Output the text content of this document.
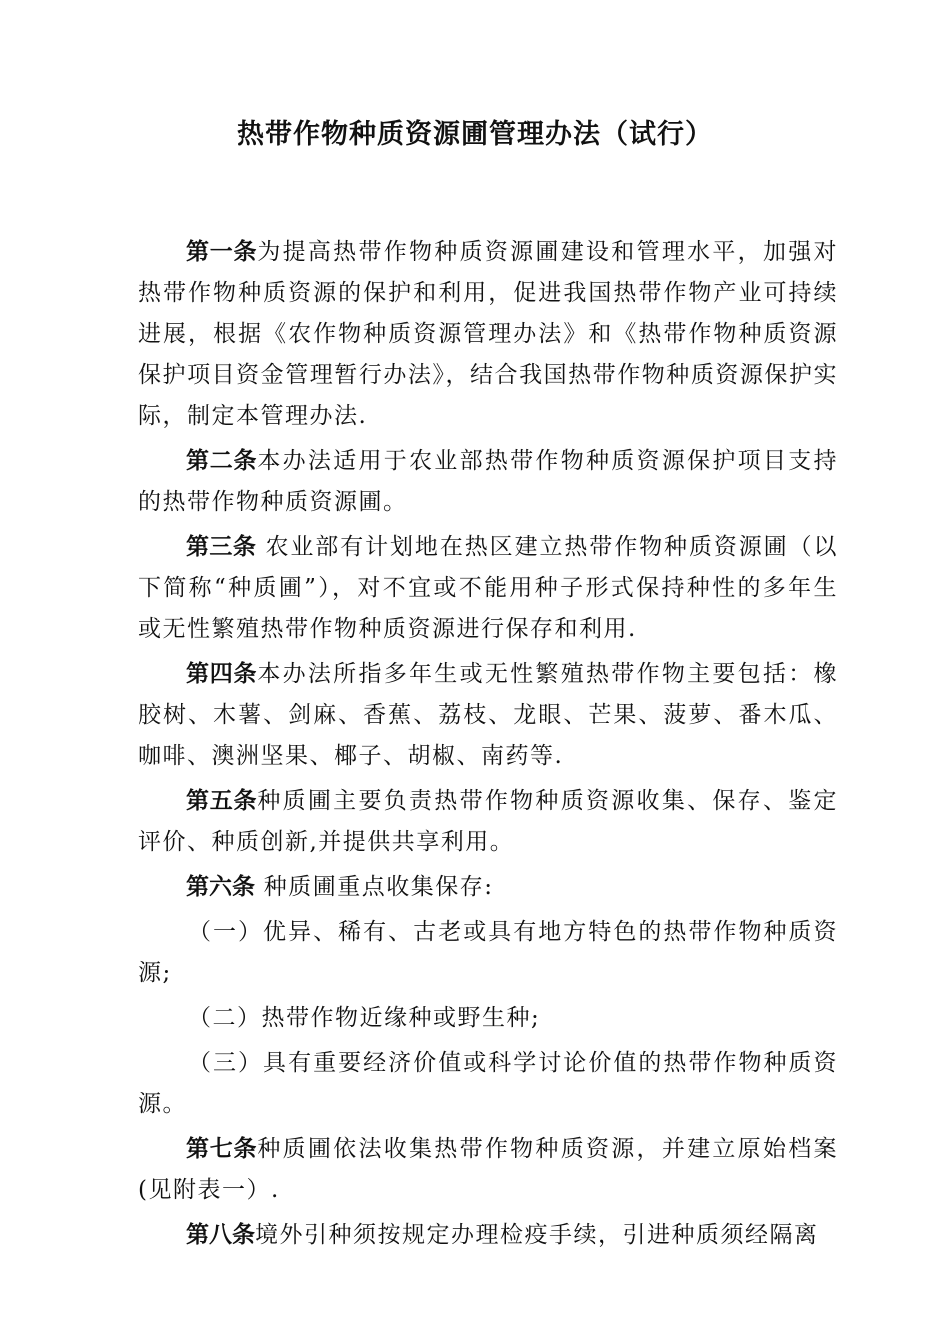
热带作物种质资源圃管理办法（试行）

第一条为提高热带作物种质资源圃建设和管理水平，加强对热带作物种质资源的保护和利用，促进我国热带作物产业可持续进展，根据《农作物种质资源管理办法》和《热带作物种质资源保护项目资金管理暂行办法》，结合我国热带作物种质资源保护实际，制定本管理办法.

第二条本办法适用于农业部热带作物种质资源保护项目支持的热带作物种质资源圃。

第三条 农业部有计划地在热区建立热带作物种质资源圃（以下简称“种质圃”），对不宜或不能用种子形式保持种性的多年生或无性繁殖热带作物种质资源进行保存和利用.

第四条本办法所指多年生或无性繁殖热带作物主要包括：橡胶树、木薯、剑麻、香蕉、荔枝、龙眼、芒果、菠萝、番木瓜、咖啡、澳洲坚果、椰子、胡椒、南药等.

第五条种质圃主要负责热带作物种质资源收集、保存、鉴定评价、种质创新,并提供共享利用。

第六条 种质圃重点收集保存:

（一）优异、稀有、古老或具有地方特色的热带作物种质资源;

（二）热带作物近缘种或野生种;

（三）具有重要经济价值或科学讨论价值的热带作物种质资源。

第七条种质圃依法收集热带作物种质资源，并建立原始档案(见附表一）.

第八条境外引种须按规定办理检疫手续，引进种质须经隔离
